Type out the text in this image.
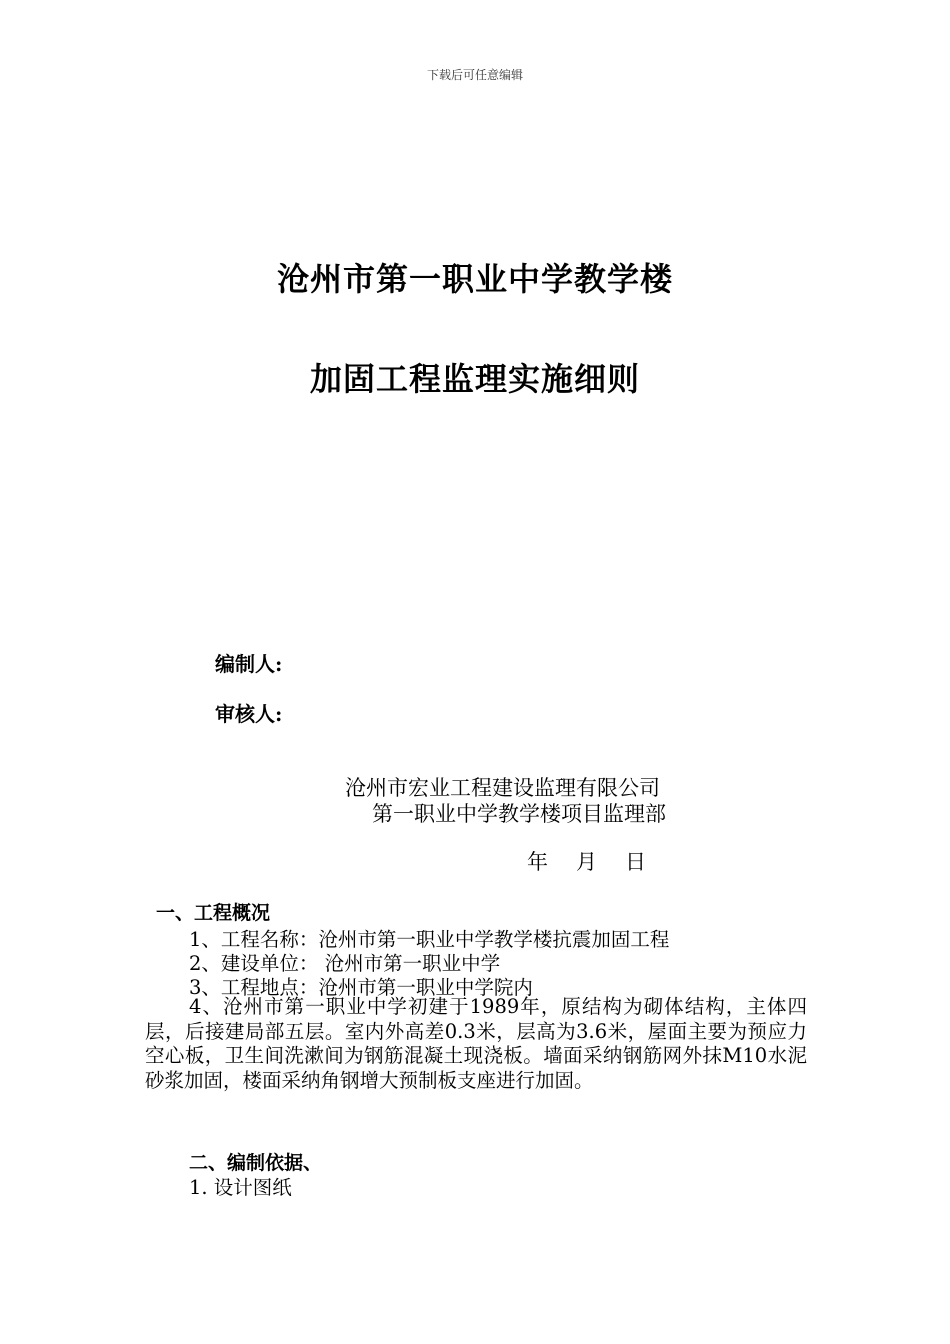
下载后可任意编辑
沧州市第一职业中学教学楼
加固工程监理实施细则
编制人:
审核人:
沧州市宏业工程建设监理有限公司
第一职业中学教学楼项目监理部
年 月 日
一、工程概况
1、工程名称：沧州市第一职业中学教学楼抗震加固工程
2、建设单位： 沧州市第一职业中学
3、工程地点：沧州市第一职业中学院内
4、沧州市第一职业中学初建于1989年，原结构为砌体结构，主体四层，后接建局部五层。室内外高差0.3米，层高为3.6米，屋面主要为预应力空心板，卫生间洗漱间为钢筋混凝土现浇板。墙面采纳钢筋网外抹M10水泥砂浆加固，楼面采纳角钢增大预制板支座进行加固。
二、编制依据、
1. 设计图纸
